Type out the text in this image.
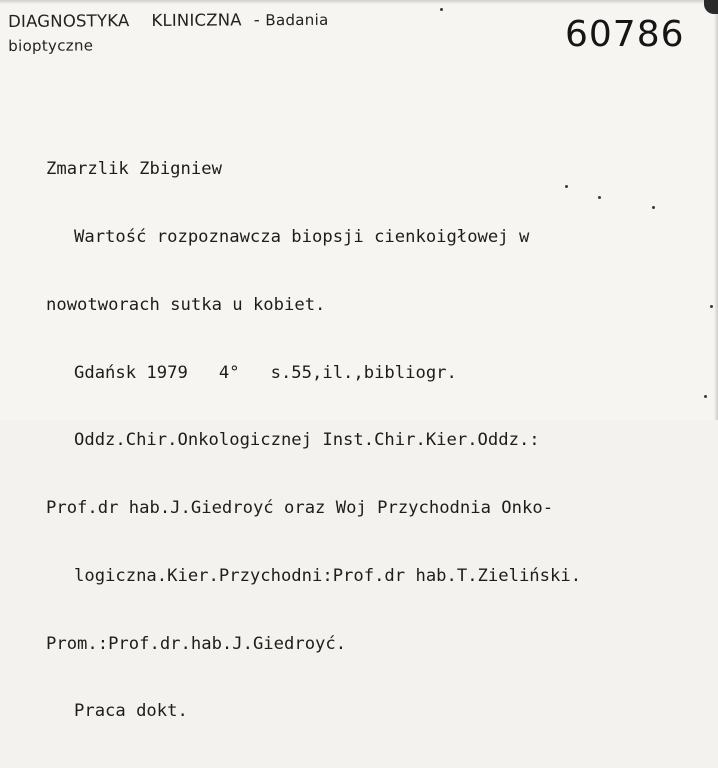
DIAGNOSTYKA KLINICZNA - Badania
bioptyczne	60786

Zmarzlik Zbigniew

Wartość rozpoznawcza biopsji cienkoigłowej w

nowotworach sutka u kobiet.

Gdańsk 1979   4°   s.55,il.,bibliogr.

Oddz.Chir.Onkologicznej Inst.Chir.Kier.Oddz.:

Prof.dr hab.J.Giedroyć oraz Woj Przychodnia Onko-

logiczna.Kier.Przychodni:Prof.dr hab.T.Zieliński.

Prom.:Prof.dr.hab.J.Giedroyć.

Praca dokt.
